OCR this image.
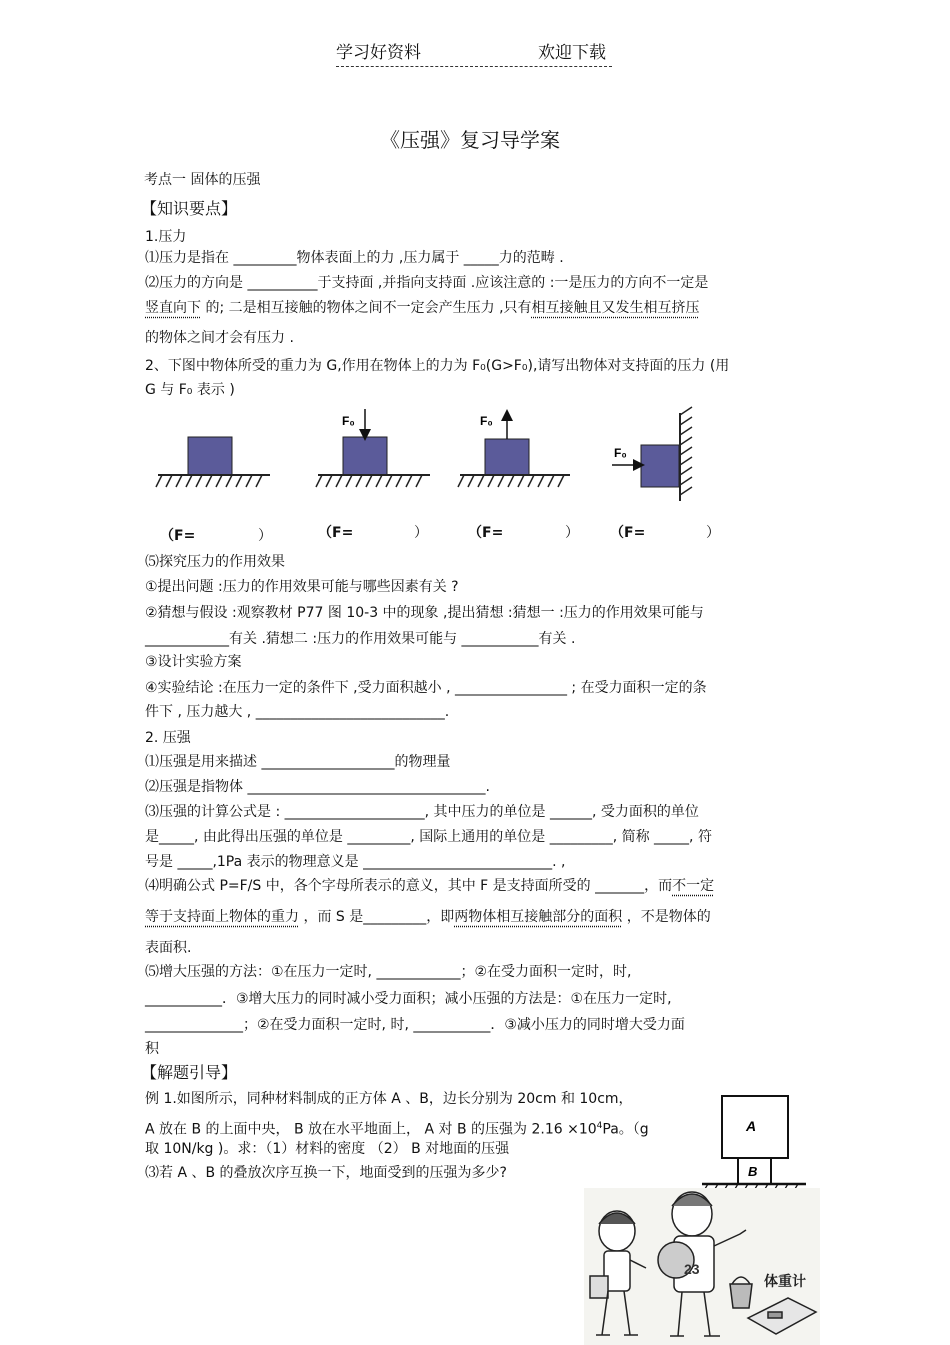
学习好资料	欢迎下载
《压强》复习导学案
考点一 固体的压强
【知识要点】
1.压力
⑴压力是指在 _________物体表面上的力 ,压力属于 _____力的范畴 .
⑵压力的方向是 __________于支持面 ,并指向支持面 .应该注意的 :一是压力的方向不一定是
竖直向下 的; 二是相互接触的物体之间不一定会产生压力 ,只有相互接触且又发生相互挤压
的物体之间才会有压力 .
2、下图中物体所受的重力为 G,作用在物体上的力为 F₀(G>F₀),请写出物体对支持面的压力 (用
G 与 F₀ 表示 )
F₀	F₀
F₀
（F=	）	（F=	）	（F=	） （F=	）
⑸探究压力的作用效果
①提出问题 :压力的作用效果可能与哪些因素有关 ?
②猜想与假设 :观察教材 P77 图 10-3 中的现象 ,提出猜想 :猜想一 :压力的作用效果可能与
____________有关 .猜想二 :压力的作用效果可能与 ___________有关 .
③设计实验方案
④实验结论 :在压力一定的条件下 ,受力面积越小 , ________________ ; 在受力面积一定的条
件下 , 压力越大 , ___________________________.
2. 压强
⑴压强是用来描述 ___________________的物理量
⑵压强是指物体 __________________________________.
⑶压强的计算公式是 : ____________________, 其中压力的单位是 ______, 受力面积的单位
是_____, 由此得出压强的单位是 _________, 国际上通用的单位是 _________, 简称 _____, 符
号是 _____,1Pa 表示的物理意义是 ___________________________. ,
⑷明确公式 P=F/S 中，各个字母所表示的意义，其中 F 是支持面所受的 _______，而不一定
等于支持面上物体的重力 ，而 S 是_________，即两物体相互接触部分的面积 ，不是物体的
表面积.
⑸增大压强的方法：①在压力一定时, ____________；②在受力面积一定时，时,
___________．③增大压力的同时减小受力面积；减小压强的方法是：①在压力一定时,
______________；②在受力面积一定时, 时, ___________．③减小压力的同时增大受力面
积
【解题引导】
例 1.如图所示，同种材料制成的正方体 A 、B，边长分别为 20cm 和 10cm，
A 放在 B 的上面中央， B 放在水平地面上， A 对 B 的压强为 $2.16 \times 10^4Pa$。（g
取 10N/kg )。求：（1）材料的密度 （2） B 对地面的压强
⑶若 A 、B 的叠放次序互换一下，地面受到的压强为多少?
A
B
23
体重计
